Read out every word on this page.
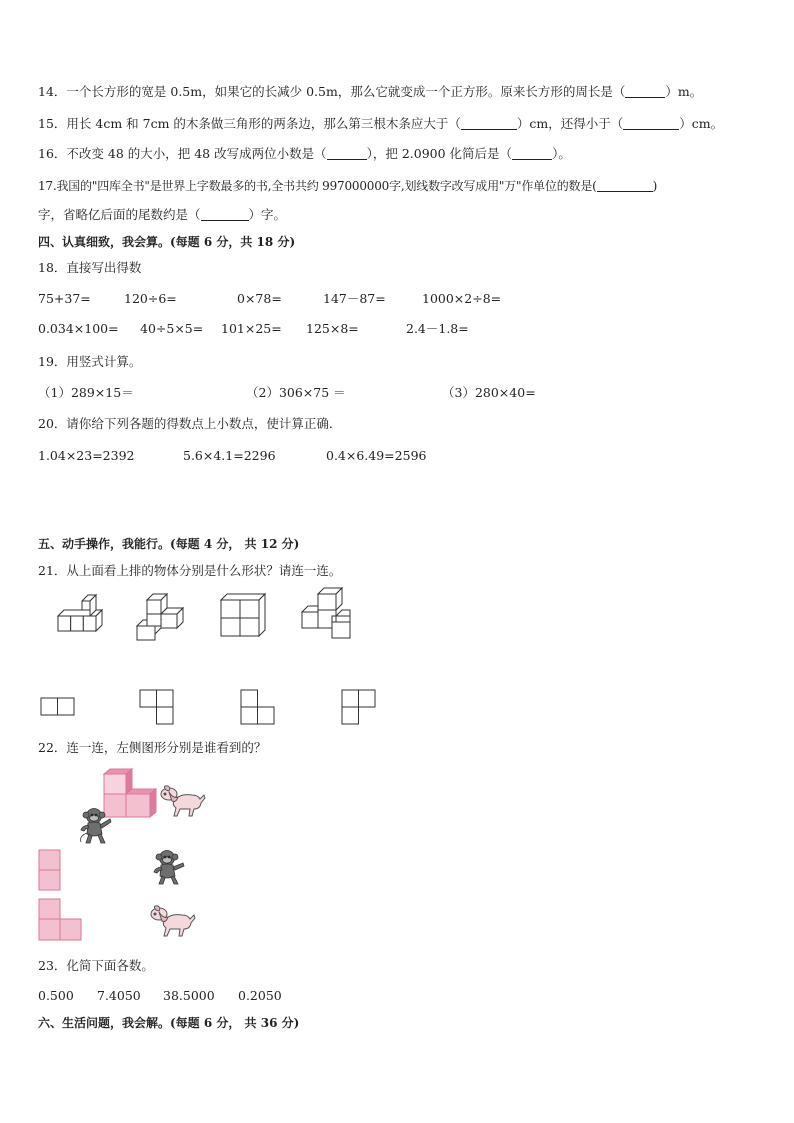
14．一个长方形的宽是 0.5m，如果它的长减少 0.5m，那么它就变成一个正方形。原来长方形的周长是（	）m。
15．用长 4cm 和 7cm 的木条做三角形的两条边，那么第三根木条应大于（	）cm，还得小于（	）cm。
16．不改变 48 的大小，把 48 改写成两位小数是（	），把 2.0900 化简后是（	）。
17.我国的"四库全书"是世界上字数最多的书,全书共约 997000000字,划线数字改写成用"万"作单位的数是(	)
字，省略亿后面的尾数约是（	）字。
四、认真细致，我会算。(每题 6 分，共 18 分)
18．直接写出得数
75+37=	120÷6=	0×78=	147－87=	1000×2÷8=
0.034×100= 40÷5×5= 101×25= 125×8=	2.4－1.8=
19．用竖式计算。
（1）289×15＝	（2）306×75 ＝	（3）280×40=
20．请你给下列各题的得数点上小数点，使计算正确．
1.04×23=2392	5.6×4.1=2296	0.4×6.49=2596
五、动手操作，我能行。(每题 4 分， 共 12 分)
21．从上面看上排的物体分别是什么形状？请连一连。
22．连一连，左侧图形分别是谁看到的？
23．化简下面各数。
0.500 7.4050 38.5000 0.2050
六、生活问题，我会解。(每题 6 分， 共 36 分)
